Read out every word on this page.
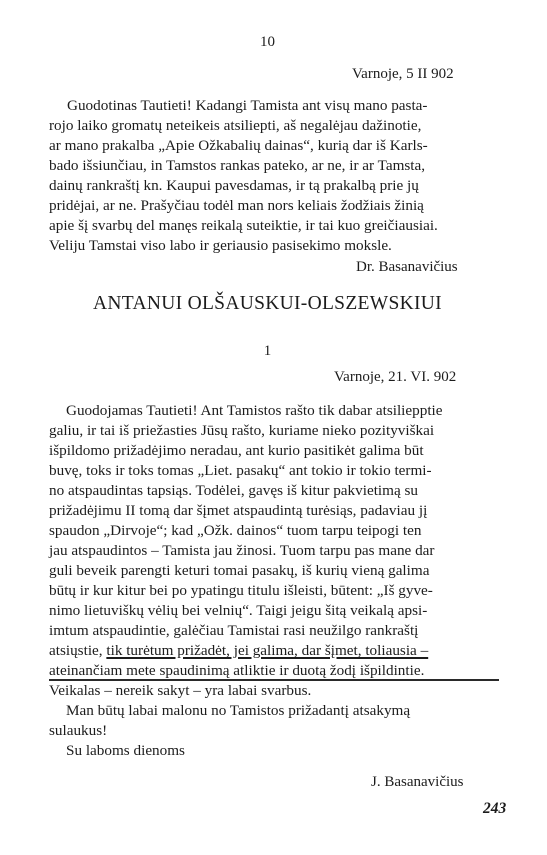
10
Varnoje, 5 II 902
Guodotinas Tautieti! Kadangi Tamista ant visų mano pasta-
rojo laiko gromatų neteikeis atsiliepti, aš negalėjau dažinotie,
ar mano prakalba „Apie Ožkabalių dainas“, kurią dar iš Karls-
bado išsiunčiau, in Tamstos rankas pateko, ar ne, ir ar Tamsta,
dainų rankraštį kn. Kaupui pavesdamas, ir tą prakalbą prie jų
pridėjai, ar ne. Prašyčiau todėl man nors keliais žodžiais žinią
apie šį svarbų del manęs reikalą suteiktie, ir tai kuo greičiausiai.
Veliju Tamstai viso labo ir geriausio pasisekimo moksle.
Dr. Basanavičius
ANTANUI OLŠAUSKUI-OLSZEWSKIUI
1
Varnoje, 21. VI. 902
Guodojamas Tautieti! Ant Tamistos rašto tik dabar atsiliepptie
galiu, ir tai iš priežasties Jūsų rašto, kuriame nieko pozityviškai
išpildomo prižadėjimo neradau, ant kurio pasitikėt galima būt
buvę, toks ir toks tomas „Liet. pasakų“ ant tokio ir tokio termi-
no atspaudintas tapsiąs. Todėlei, gavęs iš kitur pakvietimą su
prižadėjimu II tomą dar šįmet atspaudintą turėsiąs, padaviau jį
spaudon „Dirvoje“; kad „Ožk. dainos“ tuom tarpu teipogi ten
jau atspaudintos – Tamista jau žinosi. Tuom tarpu pas mane dar
guli beveik parengti keturi tomai pasakų, iš kurių vieną galima
būtų ir kur kitur bei po ypatingu titulu išleisti, būtent: „Iš gyve-
nimo lietuviškų vėlių bei velnių“. Taigi jeigu šitą veikalą apsi-
imtum atspaudintie, galėčiau Tamistai rasi neužilgo rankraštį
atsiųstie, tik turėtum prižadėt, jei galima, dar šįmet, toliausia –
ateinančiam mete spaudinimą atliktie ir duotą žodį išpildintie.
Veikalas – nereik sakyt – yra labai svarbus.
Man būtų labai malonu no Tamistos prižadantį atsakymą
sulaukus!
Su laboms dienoms
J. Basanavičius
243
